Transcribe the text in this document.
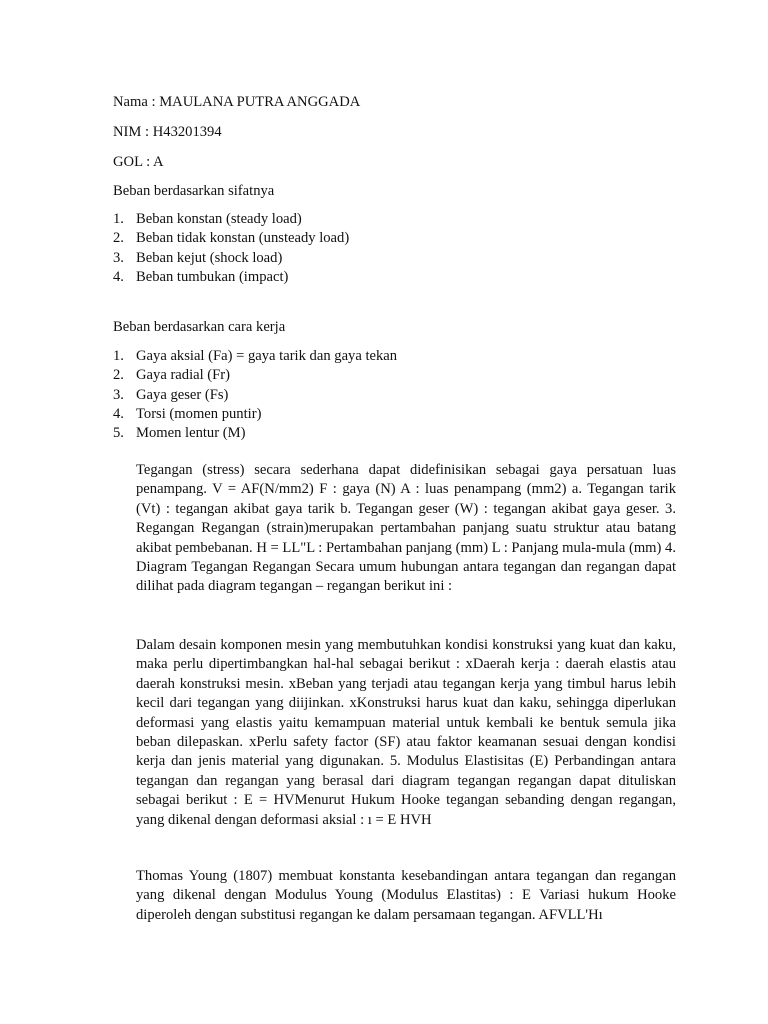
Nama : MAULANA PUTRA ANGGADA
NIM : H43201394
GOL : A
Beban berdasarkan sifatnya
1. Beban konstan (steady load)
2. Beban tidak konstan (unsteady load)
3. Beban kejut (shock load)
4. Beban tumbukan (impact)
Beban berdasarkan cara kerja
1. Gaya aksial (Fa) = gaya tarik dan gaya tekan
2. Gaya radial (Fr)
3. Gaya geser (Fs)
4. Torsi (momen puntir)
5. Momen lentur (M)

Tegangan (stress) secara sederhana dapat didefinisikan sebagai gaya persatuan luas penampang. V = AF(N/mm2) F : gaya (N) A : luas penampang (mm2) a. Tegangan tarik (Vt) : tegangan akibat gaya tarik b. Tegangan geser (W) : tegangan akibat gaya geser. 3. Regangan Regangan (strain)merupakan pertambahan panjang suatu struktur atau batang akibat pembebanan. H = LL"L : Pertambahan panjang (mm) L : Panjang mula-mula (mm) 4. Diagram Tegangan Regangan Secara umum hubungan antara tegangan dan regangan dapat dilihat pada diagram tegangan – regangan berikut ini :

Dalam desain komponen mesin yang membutuhkan kondisi konstruksi yang kuat dan kaku, maka perlu dipertimbangkan hal-hal sebagai berikut : xDaerah kerja : daerah elastis atau daerah konstruksi mesin. xBeban yang terjadi atau tegangan kerja yang timbul harus lebih kecil dari tegangan yang diijinkan. xKonstruksi harus kuat dan kaku, sehingga diperlukan deformasi yang elastis yaitu kemampuan material untuk kembali ke bentuk semula jika beban dilepaskan. xPerlu safety factor (SF) atau faktor keamanan sesuai dengan kondisi kerja dan jenis material yang digunakan. 5. Modulus Elastisitas (E) Perbandingan antara tegangan dan regangan yang berasal dari diagram tegangan regangan dapat dituliskan sebagai berikut : E = HVMenurut Hukum Hooke tegangan sebanding dengan regangan, yang dikenal dengan deformasi aksial : ı = E HVH

Thomas Young (1807) membuat konstanta kesebandingan antara tegangan dan regangan yang dikenal dengan Modulus Young (Modulus Elastitas) : E Variasi hukum Hooke diperoleh dengan substitusi regangan ke dalam persamaan tegangan. AFVLL'Hı
